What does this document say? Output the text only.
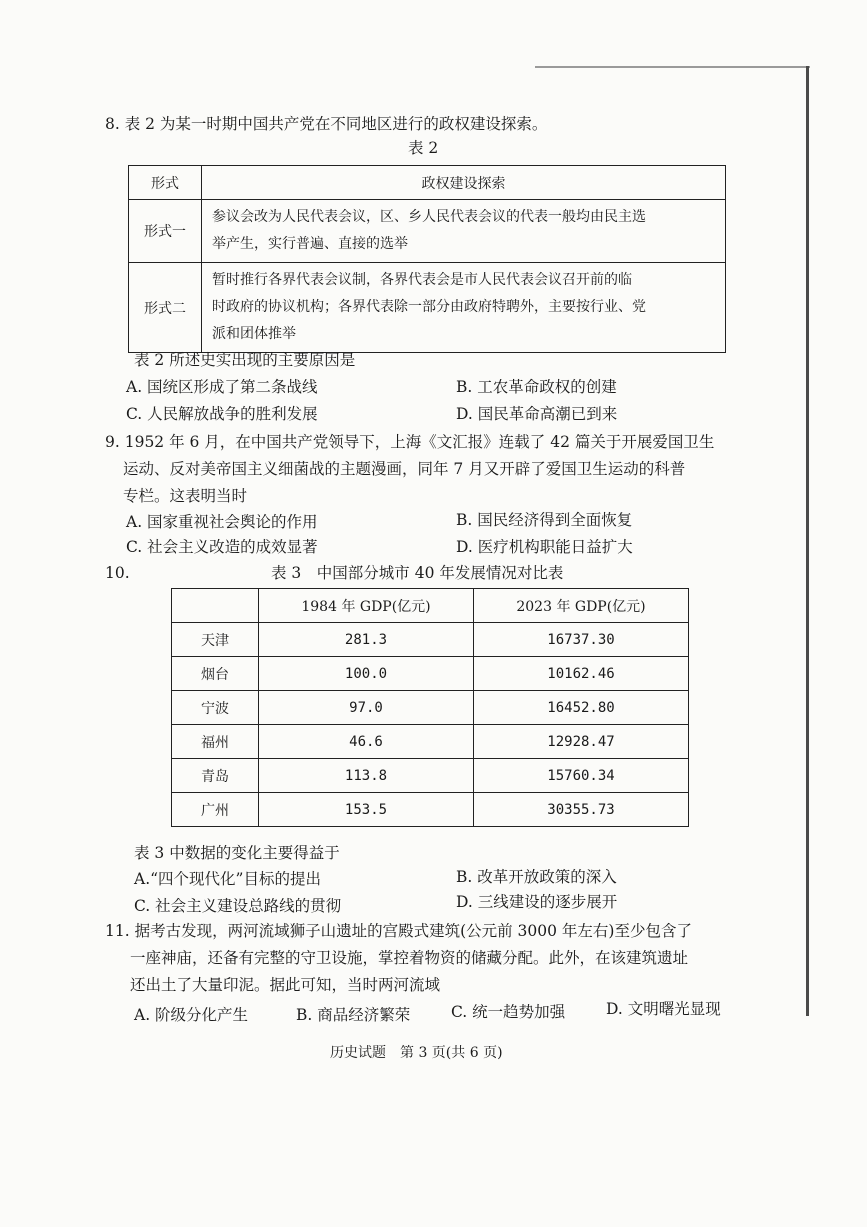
8. 表 2 为某一时期中国共产党在不同地区进行的政权建设探索。
表 2
形式	政权建设探索
形式一	参议会改为人民代表会议，区、乡人民代表会议的代表一般均由民主选
举产生，实行普遍、直接的选举

形式二	暂时推行各界代表会议制，各界代表会是市人民代表会议召开前的临
时政府的协议机构；各界代表除一部分由政府特聘外，主要按行业、党
派和团体推举
表 2 所述史实出现的主要原因是
A. 国统区形成了第二条战线	B. 工农革命政权的创建
C. 人民解放战争的胜利发展	D. 国民革命高潮已到来
9. 1952 年 6 月，在中国共产党领导下，上海《文汇报》连载了 42 篇关于开展爱国卫生
运动、反对美帝国主义细菌战的主题漫画，同年 7 月又开辟了爱国卫生运动的科普
专栏。这表明当时
A. 国家重视社会舆论的作用	B. 国民经济得到全面恢复
C. 社会主义改造的成效显著	D. 医疗机构职能日益扩大
10.	表 3　中国部分城市 40 年发展情况对比表
	1984 年 GDP(亿元)	2023 年 GDP(亿元)
天津	281.3	16737.30
烟台	100.0	10162.46
宁波	97.0	16452.80
福州	46.6	12928.47
青岛	113.8	15760.34
广州	153.5	30355.73
表 3 中数据的变化主要得益于
A.“四个现代化”目标的提出	B. 改革开放政策的深入
C. 社会主义建设总路线的贯彻	D. 三线建设的逐步展开
11. 据考古发现，两河流域狮子山遗址的宫殿式建筑(公元前 3000 年左右)至少包含了
一座神庙，还备有完整的守卫设施，掌控着物资的储藏分配。此外，在该建筑遗址
还出土了大量印泥。据此可知，当时两河流域
A. 阶级分化产生	B. 商品经济繁荣	C. 统一趋势加强	D. 文明曙光显现
历史试题　第 3 页(共 6 页)
